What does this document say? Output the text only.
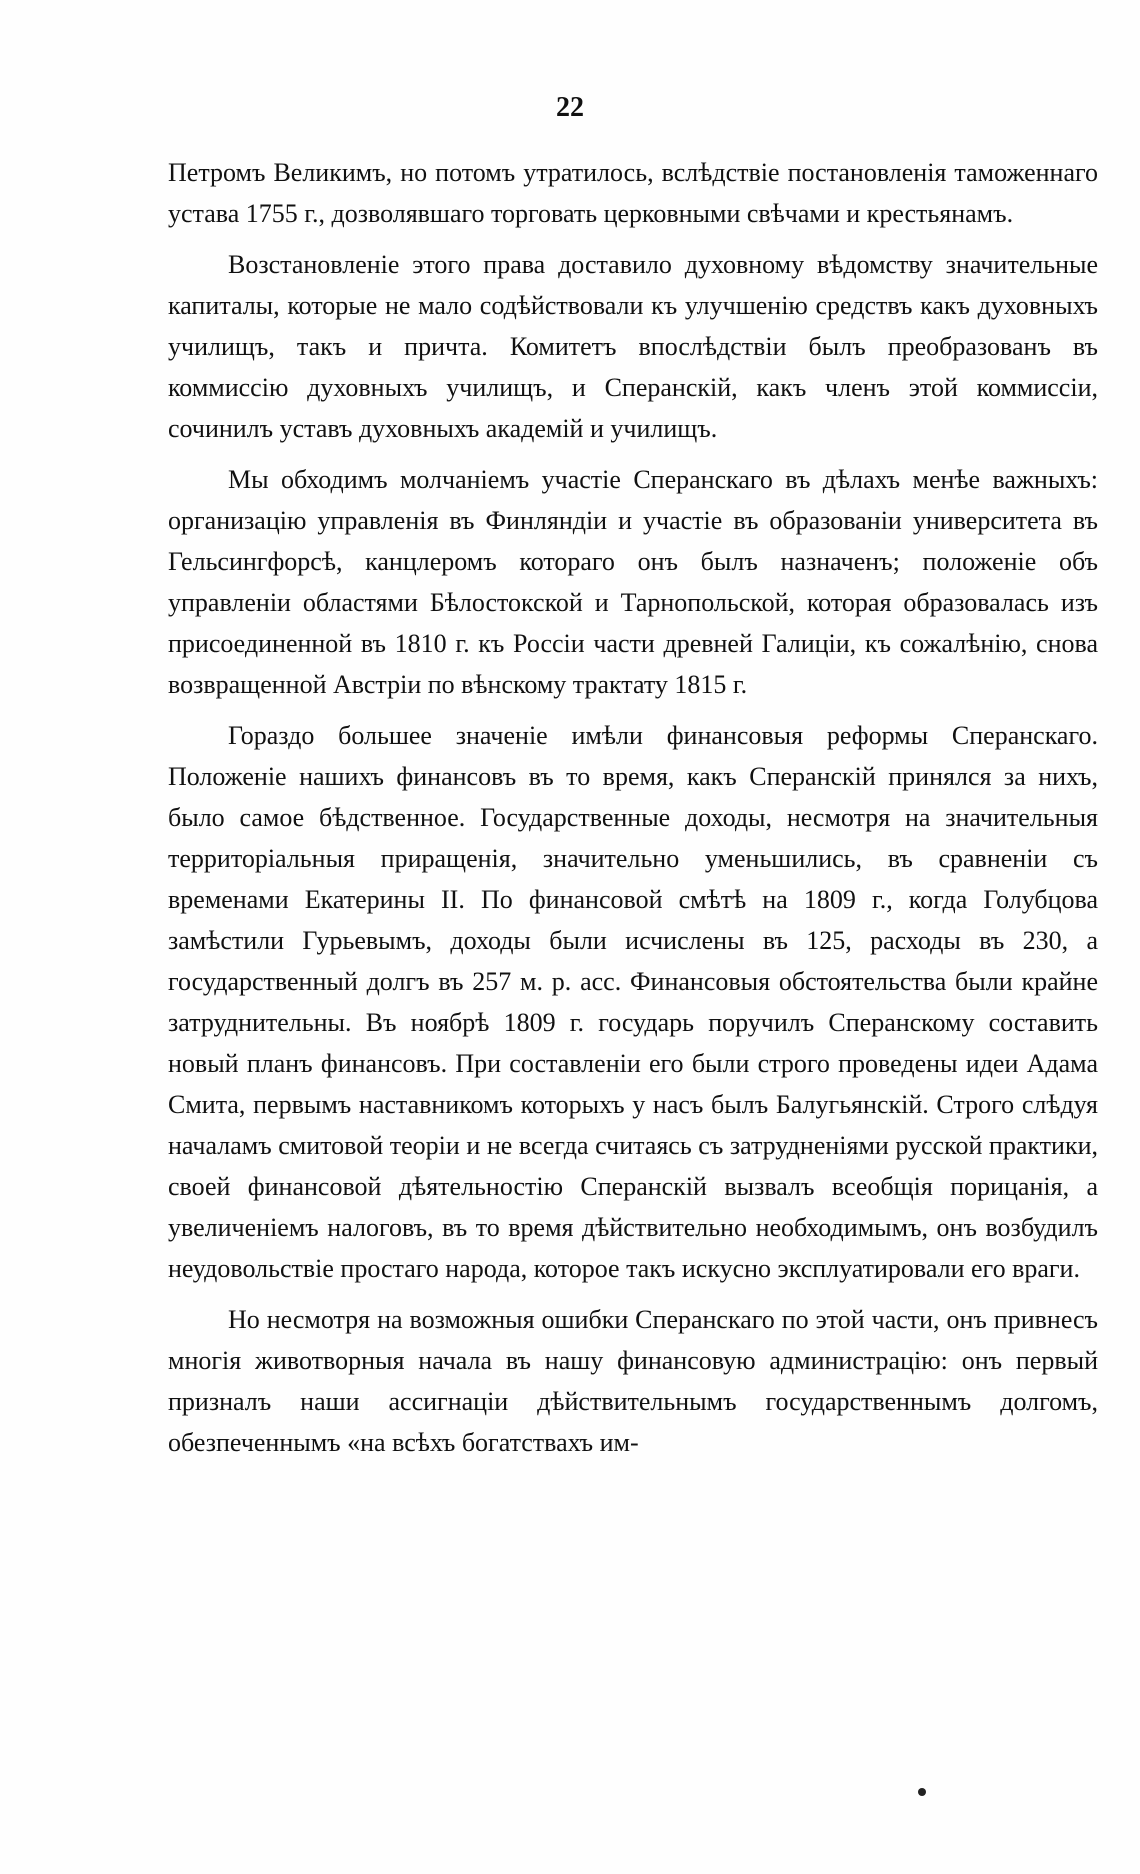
22

Петромъ Великимъ, но потомъ утратилось, вслѣдствіе постановленія таможеннаго устава 1755 г., дозволявшаго торговать церковными свѣчами и крестьянамъ.

Возстановленіе этого права доставило духовному вѣдомству значительные капиталы, которые не мало содѣйствовали къ улучшенію средствъ какъ духовныхъ училищъ, такъ и причта. Комитетъ впослѣдствіи былъ преобразованъ въ коммиссію духовныхъ училищъ, и Сперанскій, какъ членъ этой коммиссіи, сочинилъ уставъ духовныхъ академій и училищъ.

Мы обходимъ молчаніемъ участіе Сперанскаго въ дѣлахъ менѣе важныхъ: организацію управленія въ Финляндіи и участіе въ образованіи университета въ Гельсингфорсѣ, канцлеромъ котораго онъ былъ назначенъ; положеніе объ управленіи областями Бѣлостокской и Тарнопольской, которая образовалась изъ присоединенной въ 1810 г. къ Россіи части древней Галиціи, къ сожалѣнію, снова возвращенной Австріи по вѣнскому трактату 1815 г.

Гораздо большее значеніе имѣли финансовыя реформы Сперанскаго. Положеніе нашихъ финансовъ въ то время, какъ Сперанскій принялся за нихъ, было самое бѣдственное. Государственные доходы, несмотря на значительныя территоріальныя приращенія, значительно уменьшились, въ сравненіи съ временами Екатерины II. По финансовой смѣтѣ на 1809 г., когда Голубцова замѣстили Гурьевымъ, доходы были исчислены въ 125, расходы въ 230, а государственный долгъ въ 257 м. р. асс. Финансовыя обстоятельства были крайне затруднительны. Въ ноябрѣ 1809 г. государь поручилъ Сперанскому составить новый планъ финансовъ. При составленіи его были строго проведены идеи Адама Смита, первымъ наставникомъ которыхъ у насъ былъ Балугьянскій. Строго слѣдуя началамъ смитовой теоріи и не всегда считаясь съ затрудненіями русской практики, своей финансовой дѣятельностію Сперанскій вызвалъ всеобщія порицанія, а увеличеніемъ налоговъ, въ то время дѣйствительно необходимымъ, онъ возбудилъ неудовольствіе простаго народа, которое такъ искусно эксплуатировали его враги.

Но несмотря на возможныя ошибки Сперанскаго по этой части, онъ привнесъ многія животворныя начала въ нашу финансовую администрацію: онъ первый призналъ наши ассигнаціи дѣйствительнымъ государственнымъ долгомъ, обезпеченнымъ «на всѣхъ богатствахъ им-
